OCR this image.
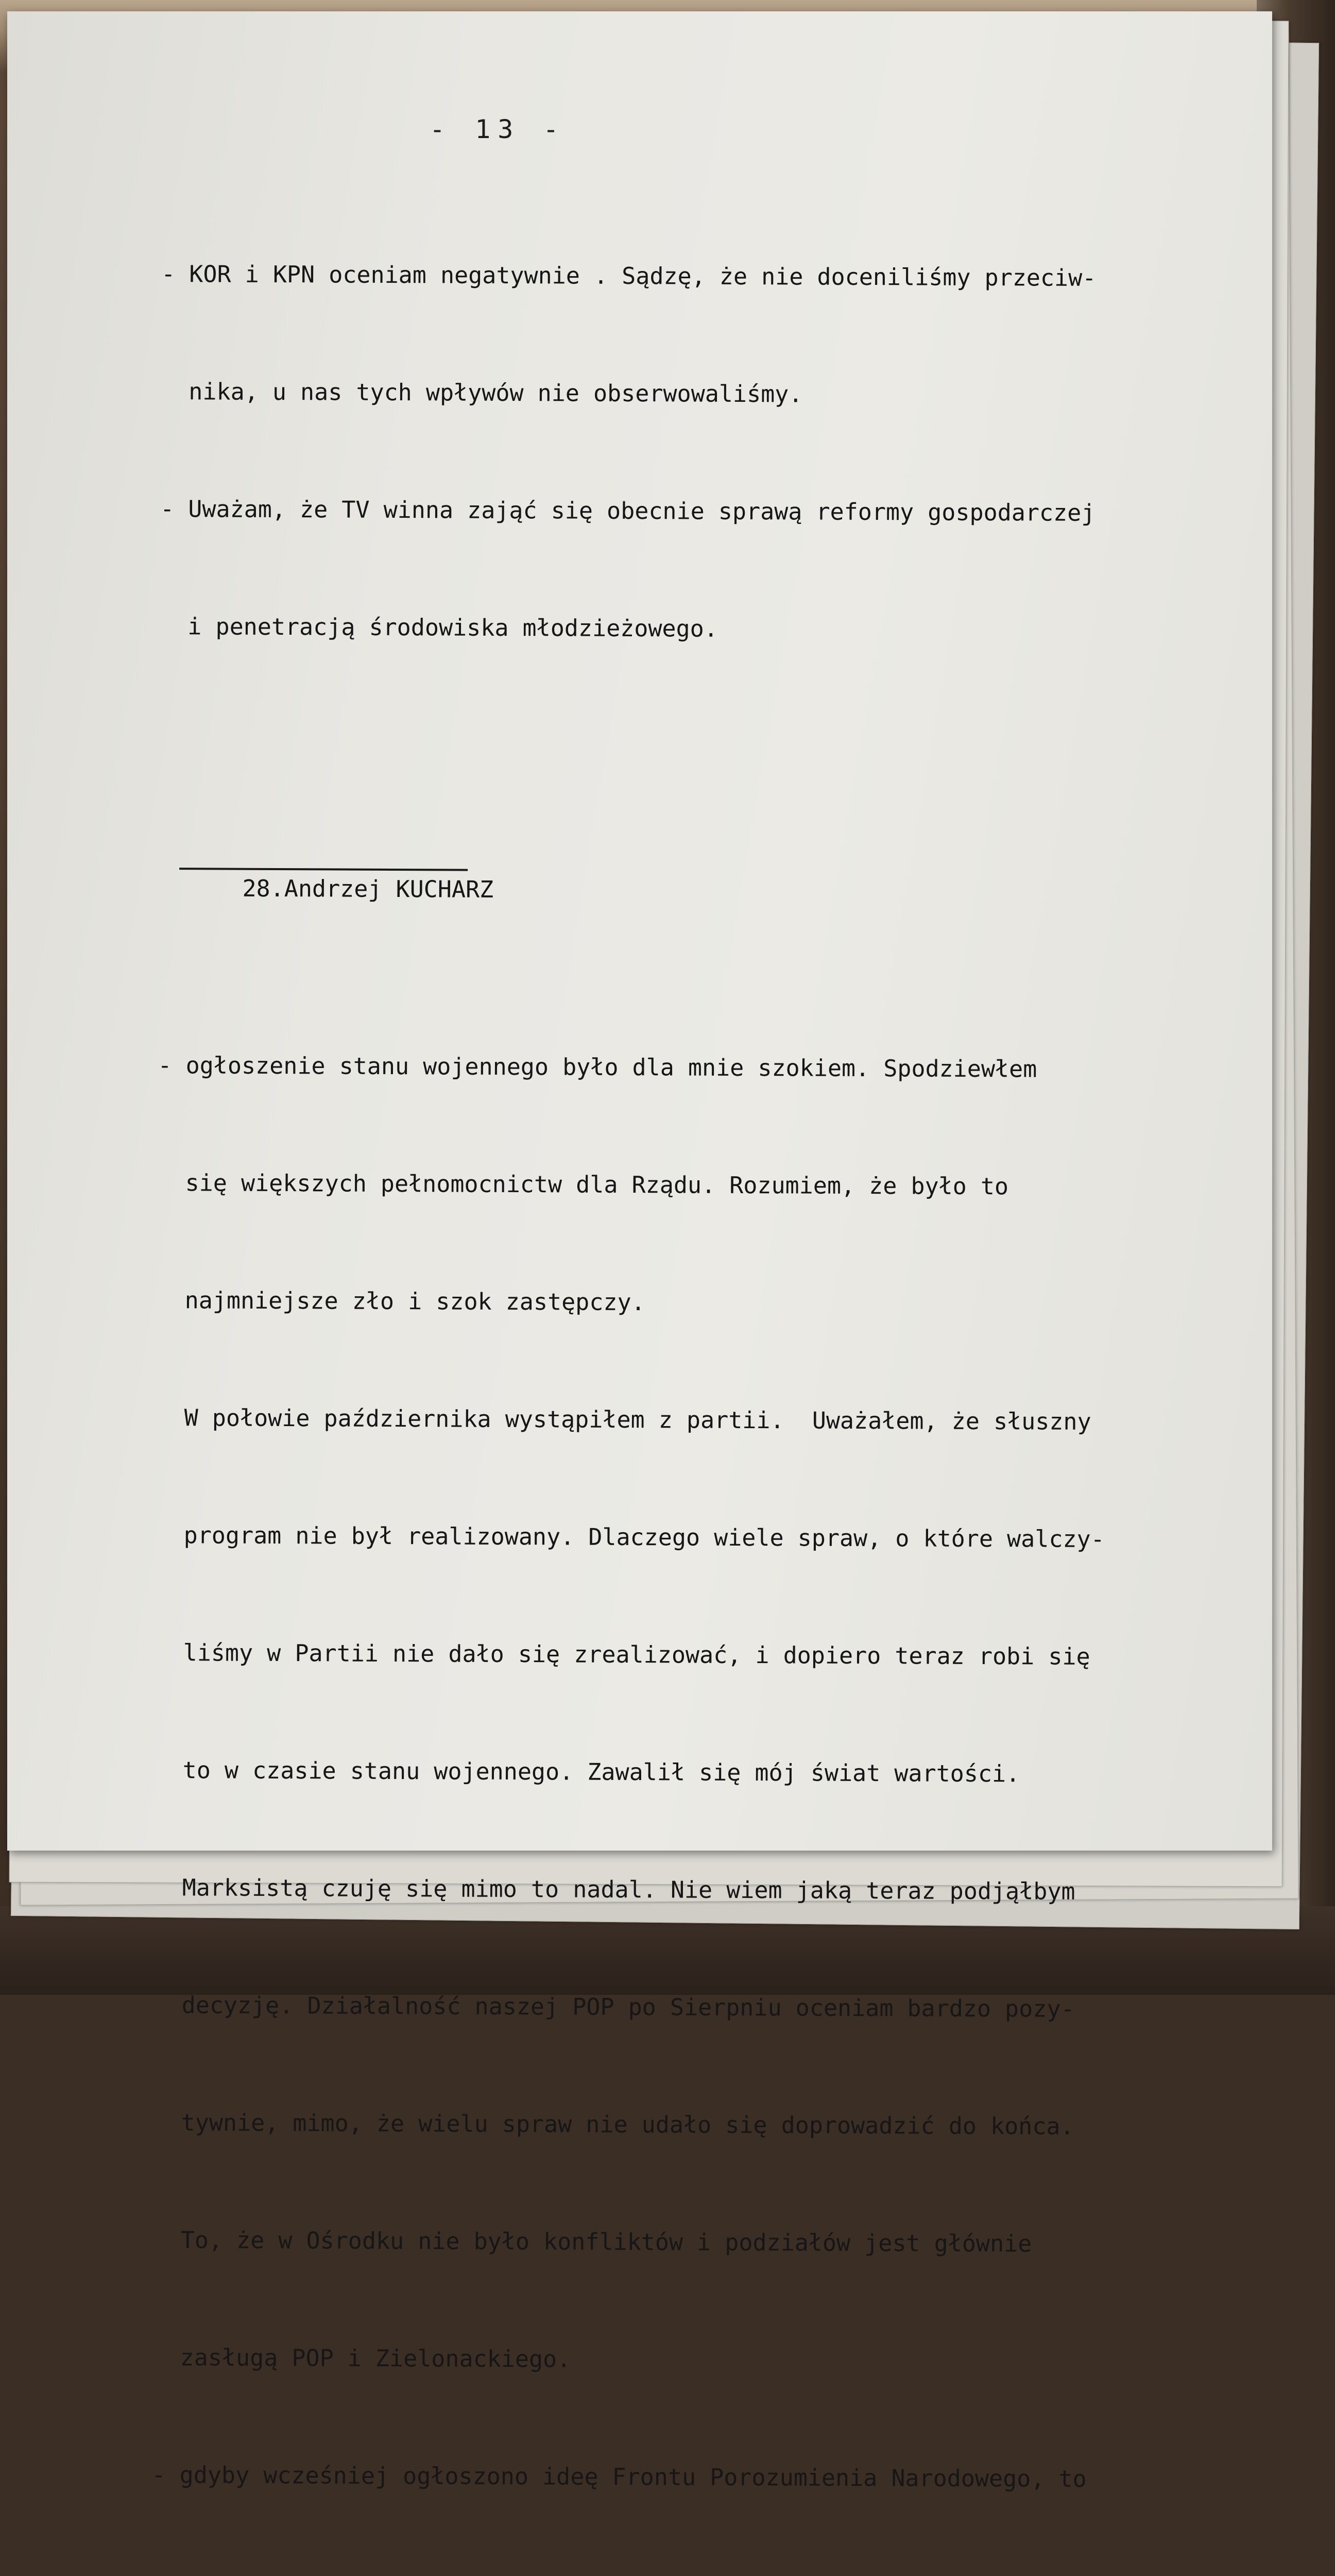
- 13 -

- KOR i KPN oceniam negatywnie . Sądzę, że nie doceniliśmy przeciw-

nika, u nas tych wpływów nie obserwowaliśmy.

- Uważam, że TV winna zająć się obecnie sprawą reformy gospodarczej

i penetracją środowiska młodzieżowego.

28.Andrzej KUCHARZ

- ogłoszenie stanu wojennego było dla mnie szokiem. Spodziewłem

się większych pełnomocnictw dla Rządu. Rozumiem, że było to

najmniejsze zło i szok zastępczy.

W połowie października wystąpiłem z partii.  Uważałem, że słuszny

program nie był realizowany. Dlaczego wiele spraw, o które walczy-

liśmy w Partii nie dało się zrealizować, i dopiero teraz robi się

to w czasie stanu wojennego. Zawalił się mój świat wartości.

Marksistą czuję się mimo to nadal. Nie wiem jaką teraz podjąłbym

decyzję. Działalność naszej POP po Sierpniu oceniam bardzo pozy-

tywnie, mimo, że wielu spraw nie udało się doprowadzić do końca.

To, że w Ośrodku nie było konfliktów i podziałów jest głównie

zasługą POP i Zielonackiego.

- gdyby wcześniej ogłoszono ideę Frontu Porozumienia Narodowego, to
